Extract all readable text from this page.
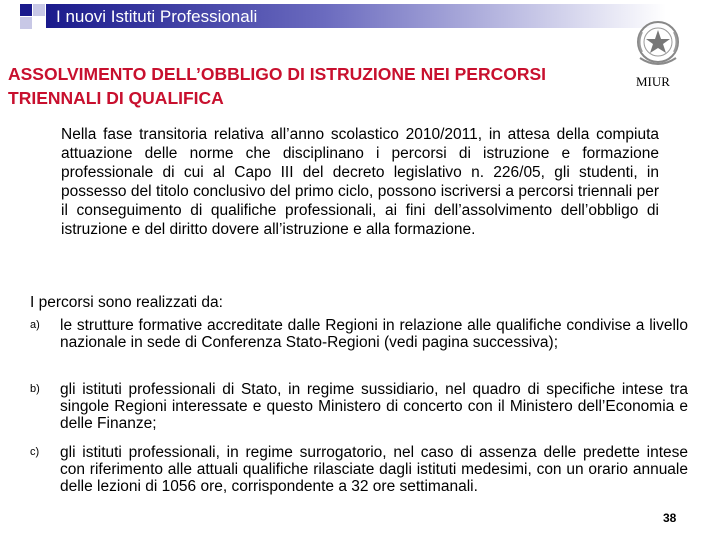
I nuovi Istituti Professionali
ASSOLVIMENTO DELL’OBBLIGO DI ISTRUZIONE NEI PERCORSI TRIENNALI DI QUALIFICA
MIUR
Nella fase transitoria relativa all’anno scolastico 2010/2011, in attesa della compiuta attuazione delle norme che disciplinano i percorsi di istruzione e formazione professionale di cui al Capo III del decreto legislativo n. 226/05, gli studenti, in possesso del titolo conclusivo del primo ciclo, possono iscriversi a percorsi triennali per il conseguimento di qualifiche professionali, ai fini dell’assolvimento dell’obbligo di istruzione e del diritto dovere all’istruzione e alla formazione.
I percorsi sono realizzati da:
a) le strutture formative accreditate dalle Regioni in relazione alle qualifiche condivise a livello nazionale in sede di Conferenza Stato-Regioni (vedi pagina successiva);
b) gli istituti professionali di Stato, in regime sussidiario, nel quadro di specifiche intese tra singole Regioni interessate e questo Ministero di concerto con il Ministero dell’Economia e delle Finanze;
c) gli istituti professionali, in regime surrogatorio, nel caso di assenza delle predette intese con riferimento alle attuali qualifiche rilasciate dagli istituti medesimi, con un orario annuale delle lezioni di 1056 ore, corrispondente a 32 ore settimanali.
38
